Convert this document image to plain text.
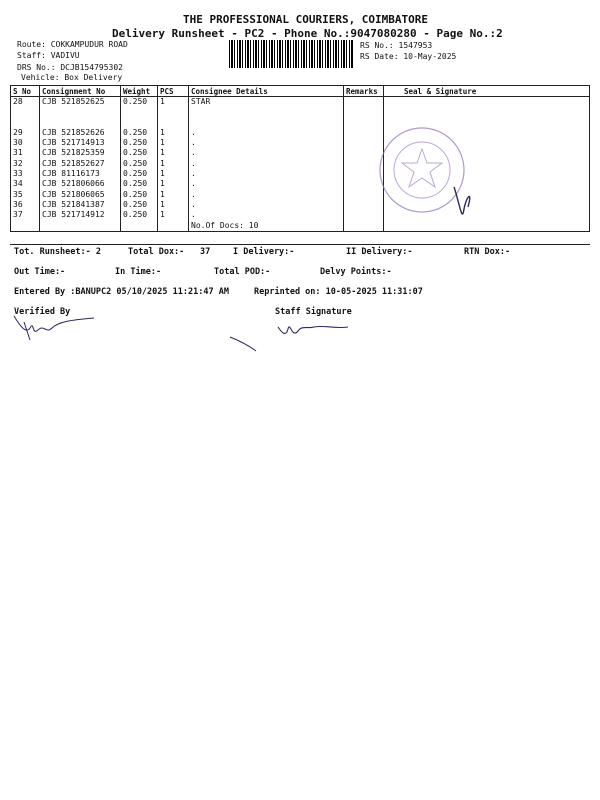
THE PROFESSIONAL COURIERS, COIMBATORE
Delivery Runsheet - PC2 - Phone No.:9047080280 - Page No.:2
Route: COKKAMPUDUR ROAD
Staff: VADIVU
DRS No.: DCJB154795302
Vehicle: Box Delivery
RS No.: 1547953
RS Date: 10-May-2025
S No	Consignment No	Weight	PCS	Consignee Details	Remarks	Seal & Signature
28	CJB 521852625	0.250	1	STAR		

29	CJB 521852626	0.250	1	.		
30	CJB 521714913	0.250	1	.		
31	CJB 521825359	0.250	1	.		
32	CJB 521852627	0.250	1	.		
33	CJB 81116173	0.250	1	.		
34	CJB 521806066	0.250	1	.		
35	CJB 521806065	0.250	1	.		
36	CJB 521841387	0.250	1	.		
37	CJB 521714912	0.250	1	.		
				No.Of Docs: 10		
Tot. Runsheet:- 2	Total Dox:- 37	I Delivery:-	II Delivery:-	RTN Dox:-
Out Time:-	In Time:-	Total POD:-	Delvy Points:-
Entered By :BANUPC2 05/10/2025 11:21:47 AM	Reprinted on: 10-05-2025 11:31:07
Verified By	Staff Signature
